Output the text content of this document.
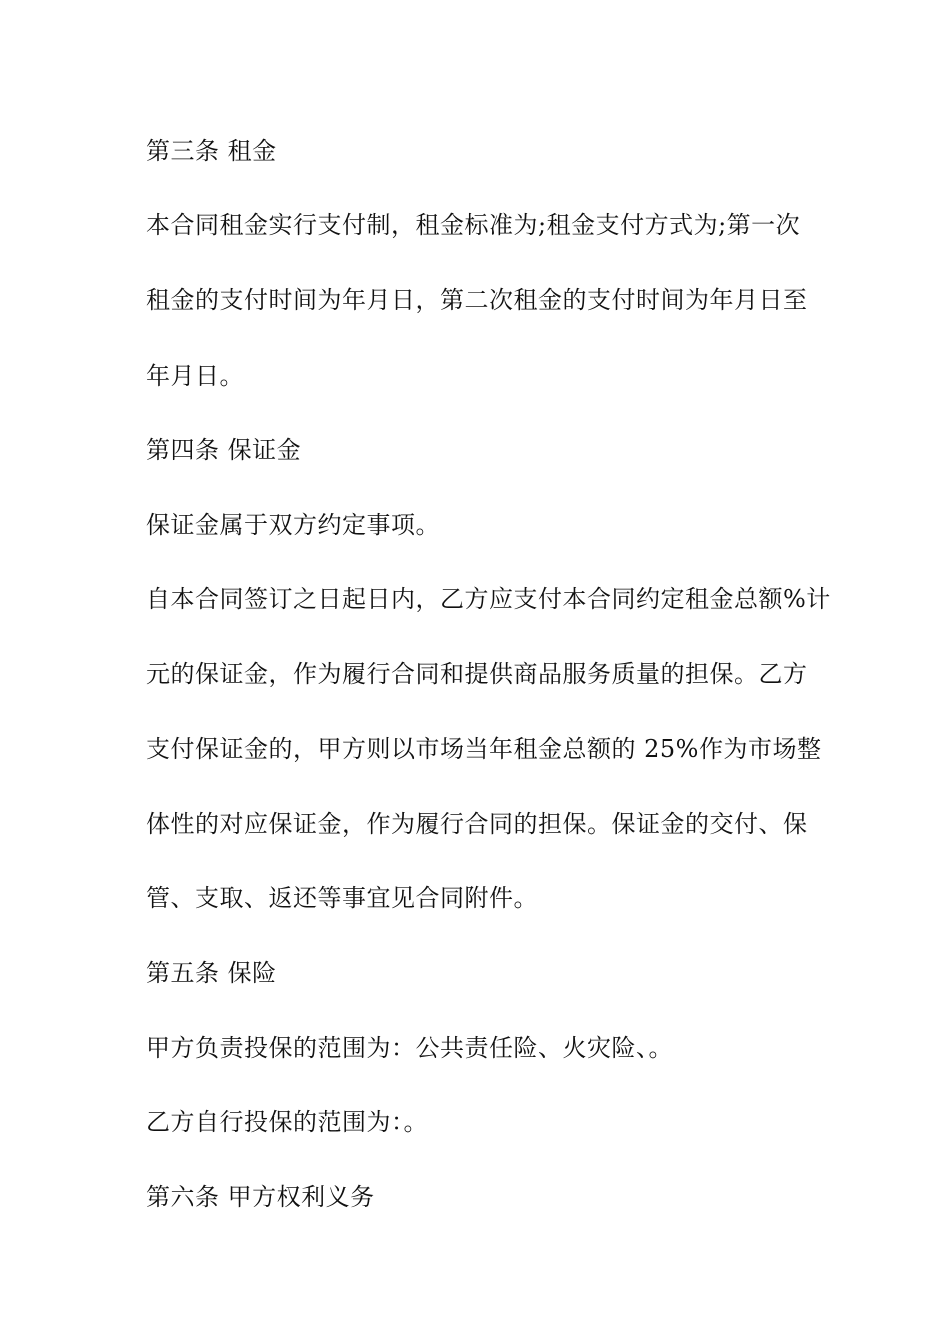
第三条 租金

本合同租金实行支付制，租金标准为;租金支付方式为;第一次

租金的支付时间为年月日，第二次租金的支付时间为年月日至

年月日。

第四条 保证金

保证金属于双方约定事项。

自本合同签订之日起日内，乙方应支付本合同约定租金总额%计

元的保证金，作为履行合同和提供商品服务质量的担保。乙方

支付保证金的，甲方则以市场当年租金总额的 25%作为市场整

体性的对应保证金，作为履行合同的担保。保证金的交付、保

管、支取、返还等事宜见合同附件。

第五条 保险

甲方负责投保的范围为：公共责任险、火灾险、。

乙方自行投保的范围为：。

第六条 甲方权利义务
